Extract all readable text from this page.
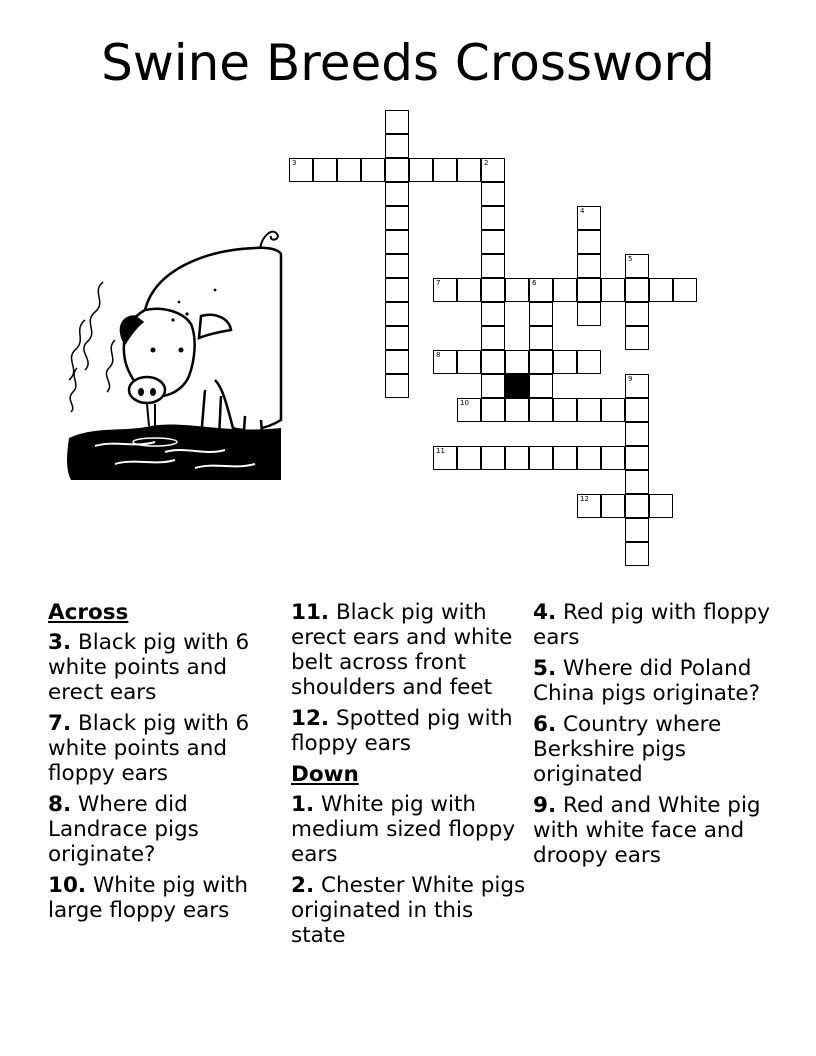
Swine Breeds Crossword
3	2
7	6
8
10
11
12
4
5
9
Across
3. Black pig with 6 white points and erect ears
7. Black pig with 6 white points and floppy ears
8. Where did Landrace pigs originate?
10. White pig with large floppy ears
11. Black pig with erect ears and white belt across front shoulders and feet
12. Spotted pig with floppy ears
Down
1. White pig with medium sized floppy ears
2. Chester White pigs originated in this state
4. Red pig with floppy ears
5. Where did Poland China pigs originate?
6. Country where Berkshire pigs originated
9. Red and White pig with white face and droopy ears
